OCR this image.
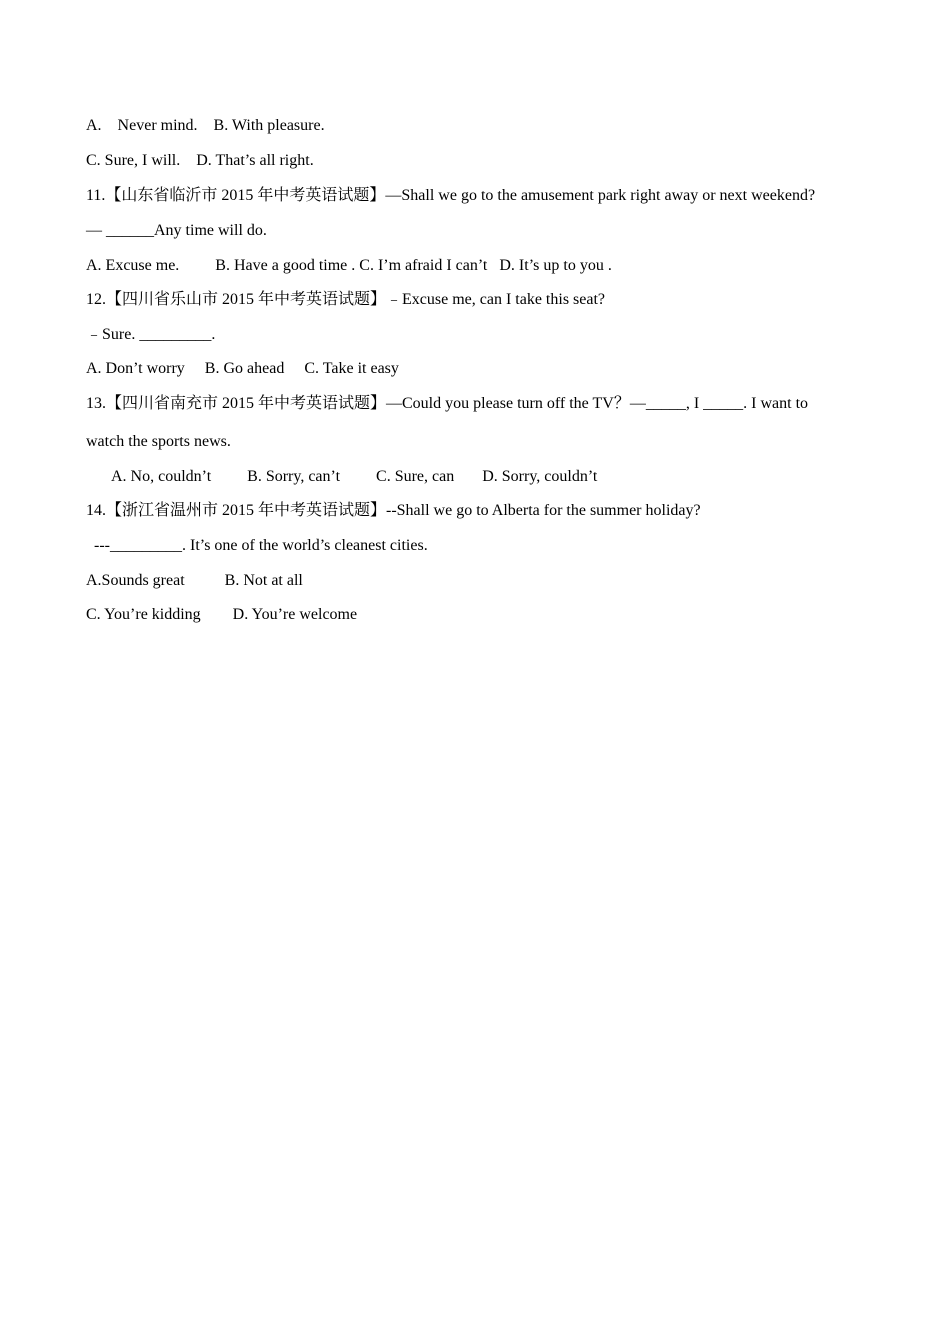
A.    Never mind.    B. With pleasure.
C. Sure, I will.    D. That’s all right.
11.【山东省临沂市 2015 年中考英语试题】—Shall we go to the amusement park right away or next weekend?
— ______Any time will do.
A. Excuse me.         B. Have a good time . C. I’m afraid I can’t   D. It’s up to you .
12.【四川省乐山市 2015 年中考英语试题】﹣Excuse me, can I take this seat?
﹣Sure. _________.
A. Don’t worry     B. Go ahead     C. Take it easy
13.【四川省南充市 2015 年中考英语试题】—Could you please turn off the TV？—_____, I _____. I want to
watch the sports news.
A. No, couldn’t         B. Sorry, can’t         C. Sure, can       D. Sorry, couldn’t
14.【浙江省温州市 2015 年中考英语试题】--Shall we go to Alberta for the summer holiday?
---_________. It’s one of the world’s cleanest cities.
A.Sounds great          B. Not at all
C. You’re kidding        D. You’re welcome
